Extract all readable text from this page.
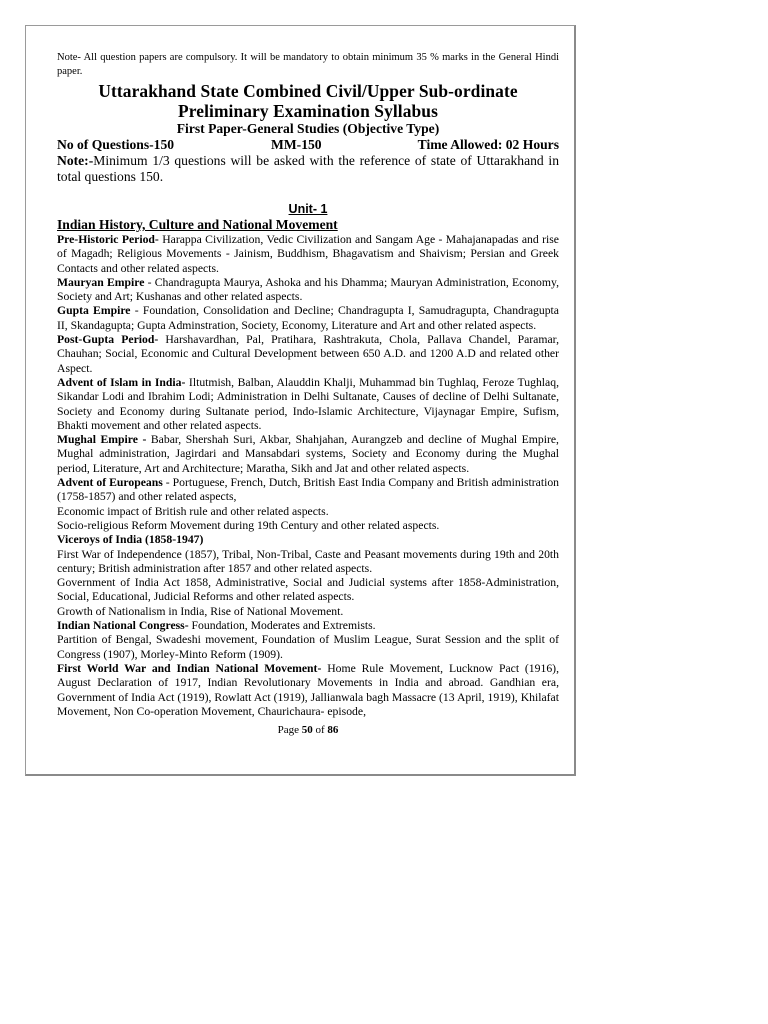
Note- All question papers are compulsory. It will be mandatory to obtain minimum 35 % marks in the General Hindi paper.
Uttarakhand State Combined Civil/Upper Sub-ordinate
Preliminary Examination Syllabus
First Paper-General Studies (Objective Type)
No of Questions-150	MM-150	Time Allowed: 02 Hours
Note:-Minimum 1/3 questions will be asked with the reference of state of Uttarakhand in total questions 150.
Unit- 1
Indian History, Culture and National Movement
Pre-Historic Period- Harappa Civilization, Vedic Civilization and Sangam Age - Mahajanapadas and rise of Magadh; Religious Movements - Jainism, Buddhism, Bhagavatism and Shaivism; Persian and Greek Contacts and other related aspects.
Mauryan Empire - Chandragupta Maurya, Ashoka and his Dhamma; Mauryan Administration, Economy, Society and Art; Kushanas and other related aspects.
Gupta Empire - Foundation, Consolidation and Decline; Chandragupta I, Samudragupta, Chandragupta II, Skandagupta; Gupta Adminstration, Society, Economy, Literature and Art and other related aspects.
Post-Gupta Period- Harshavardhan, Pal, Pratihara, Rashtrakuta, Chola, Pallava Chandel, Paramar, Chauhan; Social, Economic and Cultural Development between 650 A.D. and 1200 A.D and related other Aspect.
Advent of Islam in India- Iltutmish, Balban, Alauddin Khalji, Muhammad bin Tughlaq, Feroze Tughlaq, Sikandar Lodi and Ibrahim Lodi; Administration in Delhi Sultanate, Causes of decline of Delhi Sultanate, Society and Economy during Sultanate period, Indo-Islamic Architecture, Vijaynagar Empire, Sufism, Bhakti movement and other related aspects.
Mughal Empire - Babar, Shershah Suri, Akbar, Shahjahan, Aurangzeb and decline of Mughal Empire, Mughal administration, Jagirdari and Mansabdari systems, Society and Economy during the Mughal period, Literature, Art and Architecture; Maratha, Sikh and Jat and other related aspects.
Advent of Europeans - Portuguese, French, Dutch, British East India Company and British administration (1758-1857) and other related aspects,
Economic impact of British rule and other related aspects.
Socio-religious Reform Movement during 19th Century and other related aspects.
Viceroys of India (1858-1947)
First War of Independence (1857), Tribal, Non-Tribal, Caste and Peasant movements during 19th and 20th century; British administration after 1857 and other related aspects.
Government of India Act 1858, Administrative, Social and Judicial systems after 1858-Administration, Social, Educational, Judicial Reforms and other related aspects.
Growth of Nationalism in India, Rise of National Movement.
Indian National Congress- Foundation, Moderates and Extremists.
Partition of Bengal, Swadeshi movement, Foundation of Muslim League, Surat Session and the split of Congress (1907), Morley-Minto Reform (1909).
First World War and Indian National Movement- Home Rule Movement, Lucknow Pact (1916), August Declaration of 1917, Indian Revolutionary Movements in India and abroad. Gandhian era, Government of India Act (1919), Rowlatt Act (1919), Jallianwala bagh Massacre (13 April, 1919), Khilafat Movement, Non Co-operation Movement, Chaurichaura- episode,
Page 50 of 86
